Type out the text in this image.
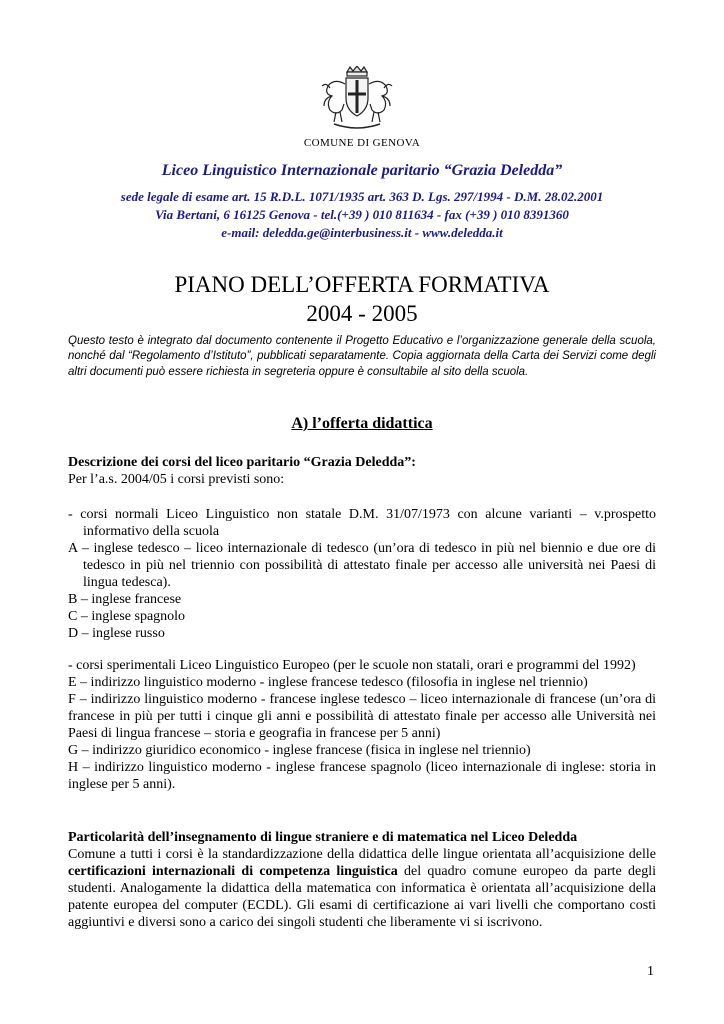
COMUNE DI GENOVA
Liceo Linguistico Internazionale paritario “Grazia Deledda”
sede legale di esame art. 15 R.D.L. 1071/1935 art. 363 D. Lgs. 297/1994 - D.M. 28.02.2001
Via Bertani, 6 16125 Genova - tel.(+39 ) 010 811634 - fax (+39 ) 010 8391360
e-mail: deledda.ge@interbusiness.it - www.deledda.it
PIANO DELL’OFFERTA FORMATIVA
2004 - 2005

Questo testo è integrato dal documento contenente il Progetto Educativo e l’organizzazione generale della scuola, nonché dal “Regolamento d’Istituto”, pubblicati separatamente. Copia aggiornata della Carta dei Servizi come degli altri documenti può essere richiesta in segreteria oppure è consultabile al sito della scuola.

A) l’offerta didattica

Descrizione dei corsi del liceo paritario “Grazia Deledda”:

Per l’a.s. 2004/05 i corsi previsti sono:

- corsi normali Liceo Linguistico non statale D.M. 31/07/1973 con alcune varianti – v.prospetto informativo della scuola

A – inglese tedesco – liceo internazionale di tedesco (un’ora di tedesco in più nel biennio e due ore di tedesco in più nel triennio con possibilità di attestato finale per accesso alle università nei Paesi di lingua tedesca).

B – inglese francese

C – inglese spagnolo

D – inglese russo

- corsi sperimentali Liceo Linguistico Europeo (per le scuole non statali, orari e programmi del 1992)

E – indirizzo linguistico moderno - inglese francese tedesco (filosofia in inglese nel triennio)

F – indirizzo linguistico moderno - francese inglese tedesco – liceo internazionale di francese (un’ora di francese in più per tutti i cinque gli anni e possibilità di attestato finale per accesso alle Università nei Paesi di lingua francese – storia e geografia in francese per 5 anni)

G – indirizzo giuridico economico - inglese francese (fisica in inglese nel triennio)

H – indirizzo linguistico moderno - inglese francese spagnolo (liceo internazionale di inglese: storia in inglese per 5 anni).

Particolarità dell’insegnamento di lingue straniere e di matematica nel Liceo Deledda

Comune a tutti i corsi è la standardizzazione della didattica delle lingue orientata all’acquisizione delle certificazioni internazionali di competenza linguistica del quadro comune europeo da parte degli studenti. Analogamente la didattica della matematica con informatica è orientata all’acquisizione della patente europea del computer (ECDL). Gli esami di certificazione ai vari livelli che comportano costi aggiuntivi e diversi sono a carico dei singoli studenti che liberamente vi si iscrivono.

1
